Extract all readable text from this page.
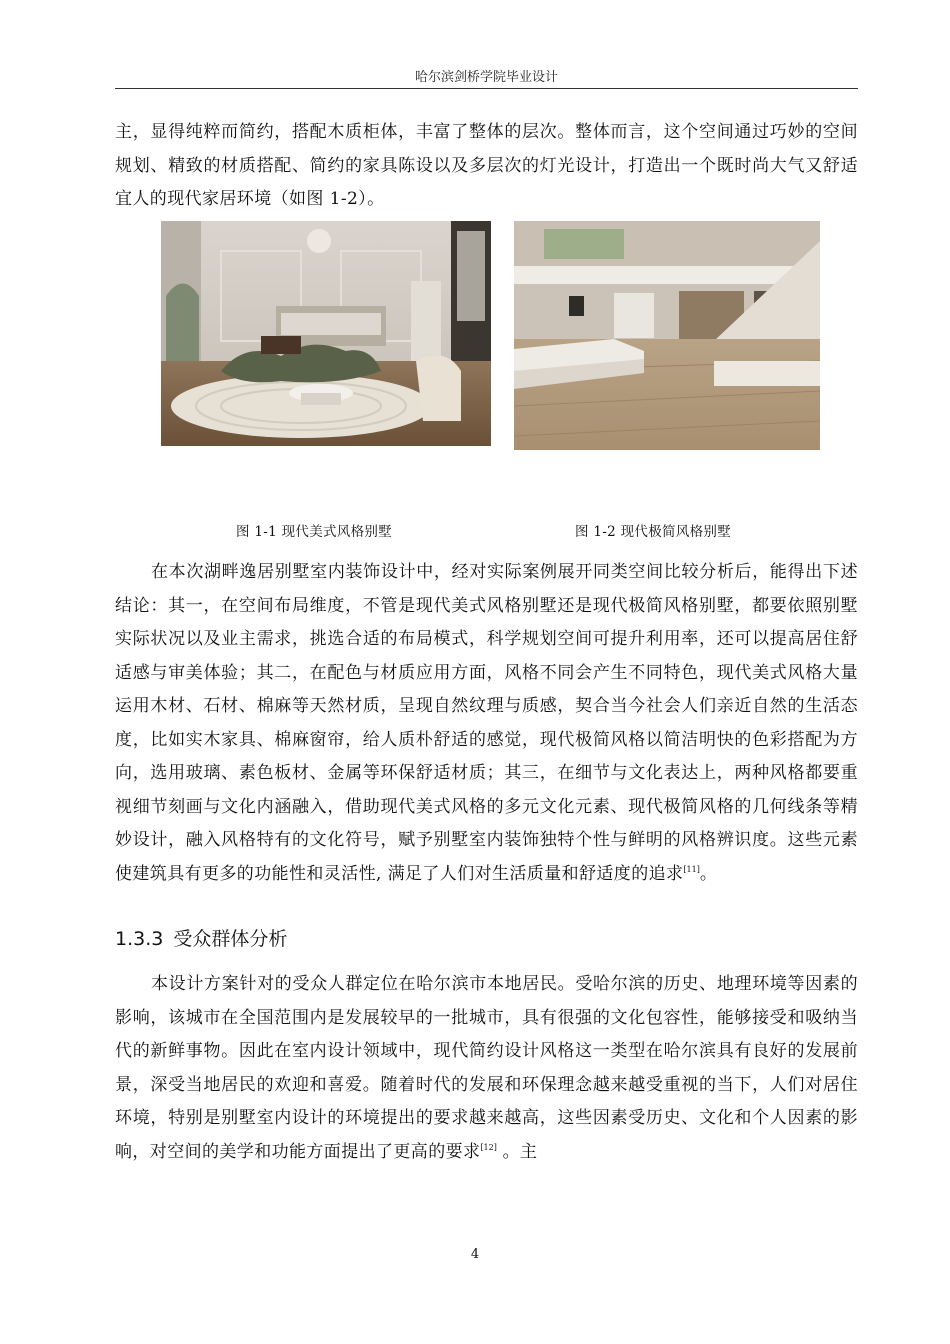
哈尔滨剑桥学院毕业设计

主，显得纯粹而简约，搭配木质柜体，丰富了整体的层次。整体而言，这个空间通过巧妙的空间规划、精致的材质搭配、简约的家具陈设以及多层次的灯光设计，打造出一个既时尚大气又舒适宜人的现代家居环境（如图 1-2）。

图 1-1 现代美式风格别墅	图 1-2 现代极简风格别墅

在本次湖畔逸居别墅室内装饰设计中，经对实际案例展开同类空间比较分析后，能得出下述结论：其一，在空间布局维度，不管是现代美式风格别墅还是现代极简风格别墅，都要依照别墅实际状况以及业主需求，挑选合适的布局模式，科学规划空间可提升利用率，还可以提高居住舒适感与审美体验；其二，在配色与材质应用方面，风格不同会产生不同特色，现代美式风格大量运用木材、石材、棉麻等天然材质，呈现自然纹理与质感，契合当今社会人们亲近自然的生活态度，比如实木家具、棉麻窗帘，给人质朴舒适的感觉，现代极简风格以简洁明快的色彩搭配为方向，选用玻璃、素色板材、金属等环保舒适材质；其三，在细节与文化表达上，两种风格都要重视细节刻画与文化内涵融入，借助现代美式风格的多元文化元素、现代极简风格的几何线条等精妙设计，融入风格特有的文化符号，赋予别墅室内装饰独特个性与鲜明的风格辨识度。这些元素使建筑具有更多的功能性和灵活性, 满足了人们对生活质量和舒适度的追求[11]。

1.3.3 受众群体分析

本设计方案针对的受众人群定位在哈尔滨市本地居民。受哈尔滨的历史、地理环境等因素的影响，该城市在全国范围内是发展较早的一批城市，具有很强的文化包容性，能够接受和吸纳当代的新鲜事物。因此在室内设计领域中，现代简约设计风格这一类型在哈尔滨具有良好的发展前景，深受当地居民的欢迎和喜爱。随着时代的发展和环保理念越来越受重视的当下，人们对居住环境，特别是别墅室内设计的环境提出的要求越来越高，这些因素受历史、文化和个人因素的影响，对空间的美学和功能方面提出了更高的要求[12] 。主

4
